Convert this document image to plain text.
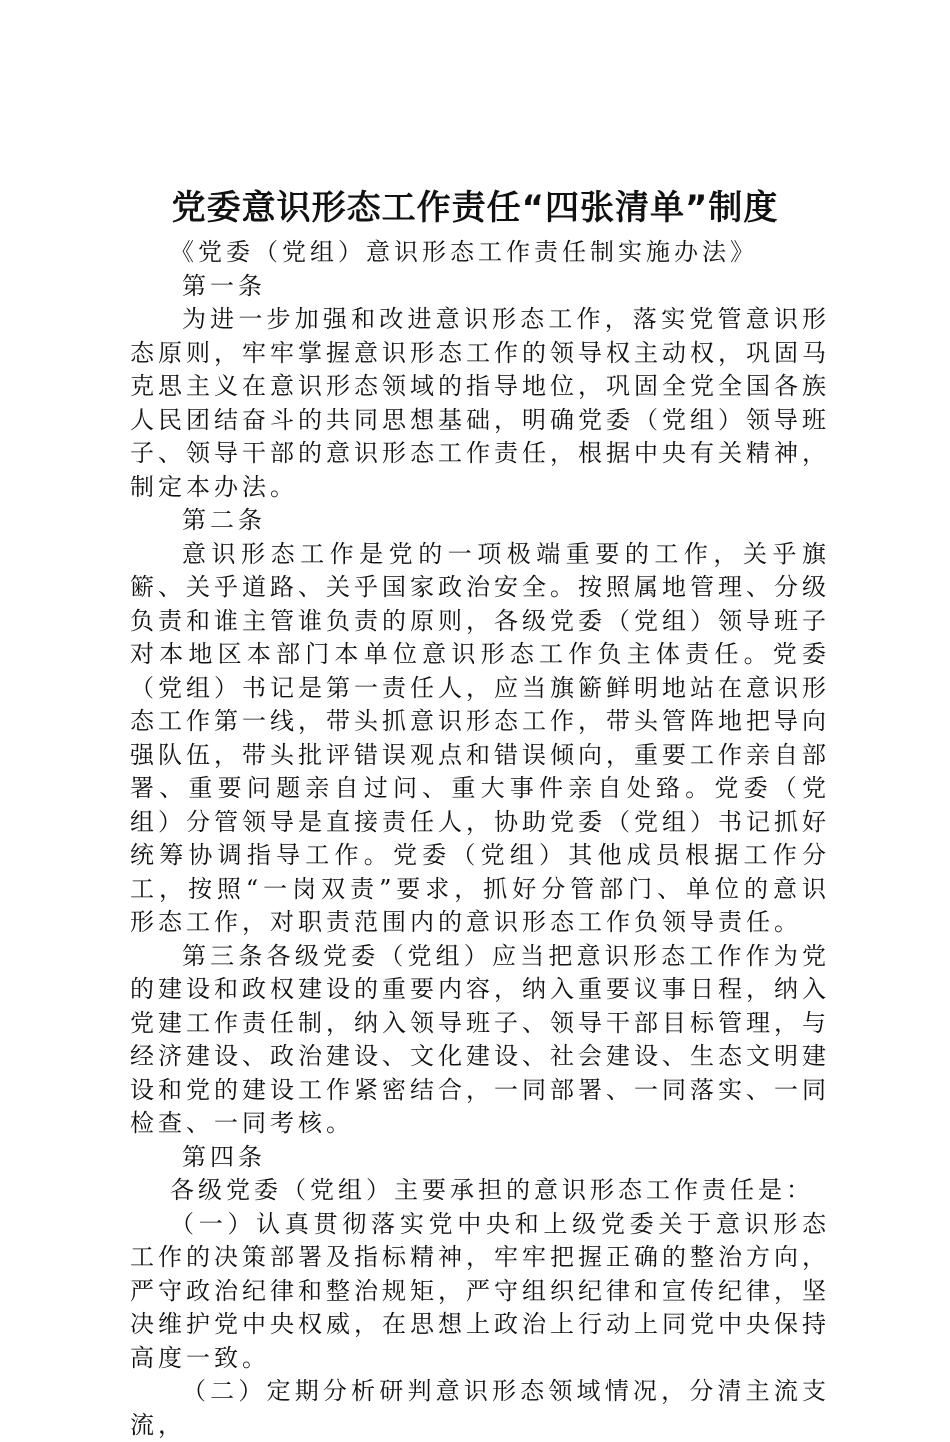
党委意识形态工作责任“四张清单”制度

《党委（党组）意识形态工作责任制实施办法》

第一条

为进一步加强和改进意识形态工作，落实党管意识形态原则，牢牢掌握意识形态工作的领导权主动权，巩固马克思主义在意识形态领域的指导地位，巩固全党全国各族人民团结奋斗的共同思想基础，明确党委（党组）领导班子、领导干部的意识形态工作责任，根据中央有关精神，制定本办法。

第二条

意识形态工作是党的一项极端重要的工作，关乎旗簖、关乎道路、关乎国家政治安全。按照属地管理、分级负责和谁主管谁负责的原则，各级党委（党组）领导班子对本地区本部门本单位意识形态工作负主体责任。党委（党组）书记是第一责任人，应当旗簖鲜明地站在意识形态工作第一线，带头抓意识形态工作，带头管阵地把导向强队伍，带头批评错误观点和错误倾向，重要工作亲自部署、重要问题亲自过问、重大事件亲自处臵。党委（党组）分管领导是直接责任人，协助党委（党组）书记抓好统筹协调指导工作。党委（党组）其他成员根据工作分工，按照“一岗双责”要求，抓好分管部门、单位的意识形态工作，对职责范围内的意识形态工作负领导责任。

第三条各级党委（党组）应当把意识形态工作作为党的建设和政权建设的重要内容，纳入重要议事日程，纳入党建工作责任制，纳入领导班子、领导干部目标管理，与经济建设、政治建设、文化建设、社会建设、生态文明建设和党的建设工作紧密结合，一同部署、一同落实、一同检查、一同考核。

第四条

各级党委（党组）主要承担的意识形态工作责任是：

（一）认真贯彻落实党中央和上级党委关于意识形态工作的决策部署及指标精神，牢牢把握正确的整治方向，严守政治纪律和整治规矩，严守组织纪律和宣传纪律，坚决维护党中央权威，在思想上政治上行动上同党中央保持高度一致。

（二）定期分析研判意识形态领域情况，分清主流支流，
